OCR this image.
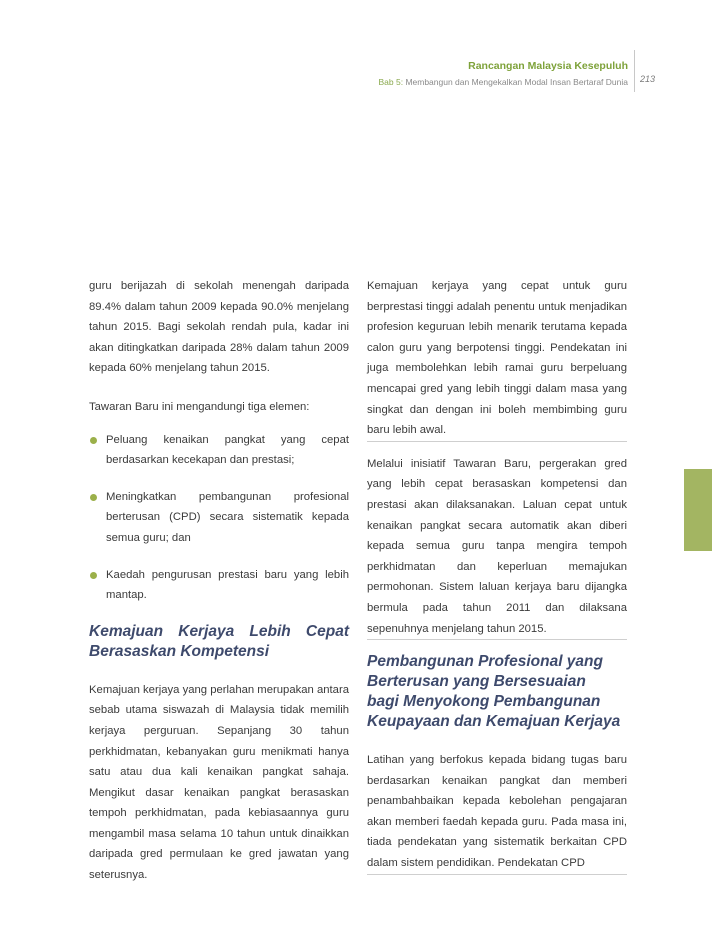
Rancangan Malaysia Kesepuluh
Bab 5: Membangun dan Mengekalkan Modal Insan Bertaraf Dunia 213

guru berijazah di sekolah menengah daripada 89.4% dalam tahun 2009 kepada 90.0% menjelang tahun 2015. Bagi sekolah rendah pula, kadar ini akan ditingkatkan daripada 28% dalam tahun 2009 kepada 60% menjelang tahun 2015.

Tawaran Baru ini mengandungi tiga elemen:

Peluang kenaikan pangkat yang cepat berdasarkan kecekapan dan prestasi;

Meningkatkan pembangunan profesional berterusan (CPD) secara sistematik kepada semua guru; dan

Kaedah pengurusan prestasi baru yang lebih mantap.

Kemajuan Kerjaya Lebih Cepat
Berasaskan Kompetensi

Kemajuan kerjaya yang perlahan merupakan antara sebab utama siswazah di Malaysia tidak memilih kerjaya perguruan. Sepanjang 30 tahun perkhidmatan, kebanyakan guru menikmati hanya satu atau dua kali kenaikan pangkat sahaja. Mengikut dasar kenaikan pangkat berasaskan tempoh perkhidmatan, pada kebiasaannya guru mengambil masa selama 10 tahun untuk dinaikkan daripada gred permulaan ke gred jawatan yang seterusnya.

Kemajuan kerjaya yang cepat untuk guru berprestasi tinggi adalah penentu untuk menjadikan profesion keguruan lebih menarik terutama kepada calon guru yang berpotensi tinggi. Pendekatan ini juga membolehkan lebih ramai guru berpeluang mencapai gred yang lebih tinggi dalam masa yang singkat dan dengan ini boleh membimbing guru baru lebih awal.

Melalui inisiatif Tawaran Baru, pergerakan gred yang lebih cepat berasaskan kompetensi dan prestasi akan dilaksanakan. Laluan cepat untuk kenaikan pangkat secara automatik akan diberi kepada semua guru tanpa mengira tempoh perkhidmatan dan keperluan memajukan permohonan. Sistem laluan kerjaya baru dijangka bermula pada tahun 2011 dan dilaksana sepenuhnya menjelang tahun 2015.

Pembangunan Profesional yang
Berterusan yang Bersesuaian
bagi Menyokong Pembangunan
Keupayaan dan Kemajuan Kerjaya

Latihan yang berfokus kepada bidang tugas baru berdasarkan kenaikan pangkat dan memberi penambahbaikan kepada kebolehan pengajaran akan memberi faedah kepada guru. Pada masa ini, tiada pendekatan yang sistematik berkaitan CPD dalam sistem pendidikan. Pendekatan CPD
